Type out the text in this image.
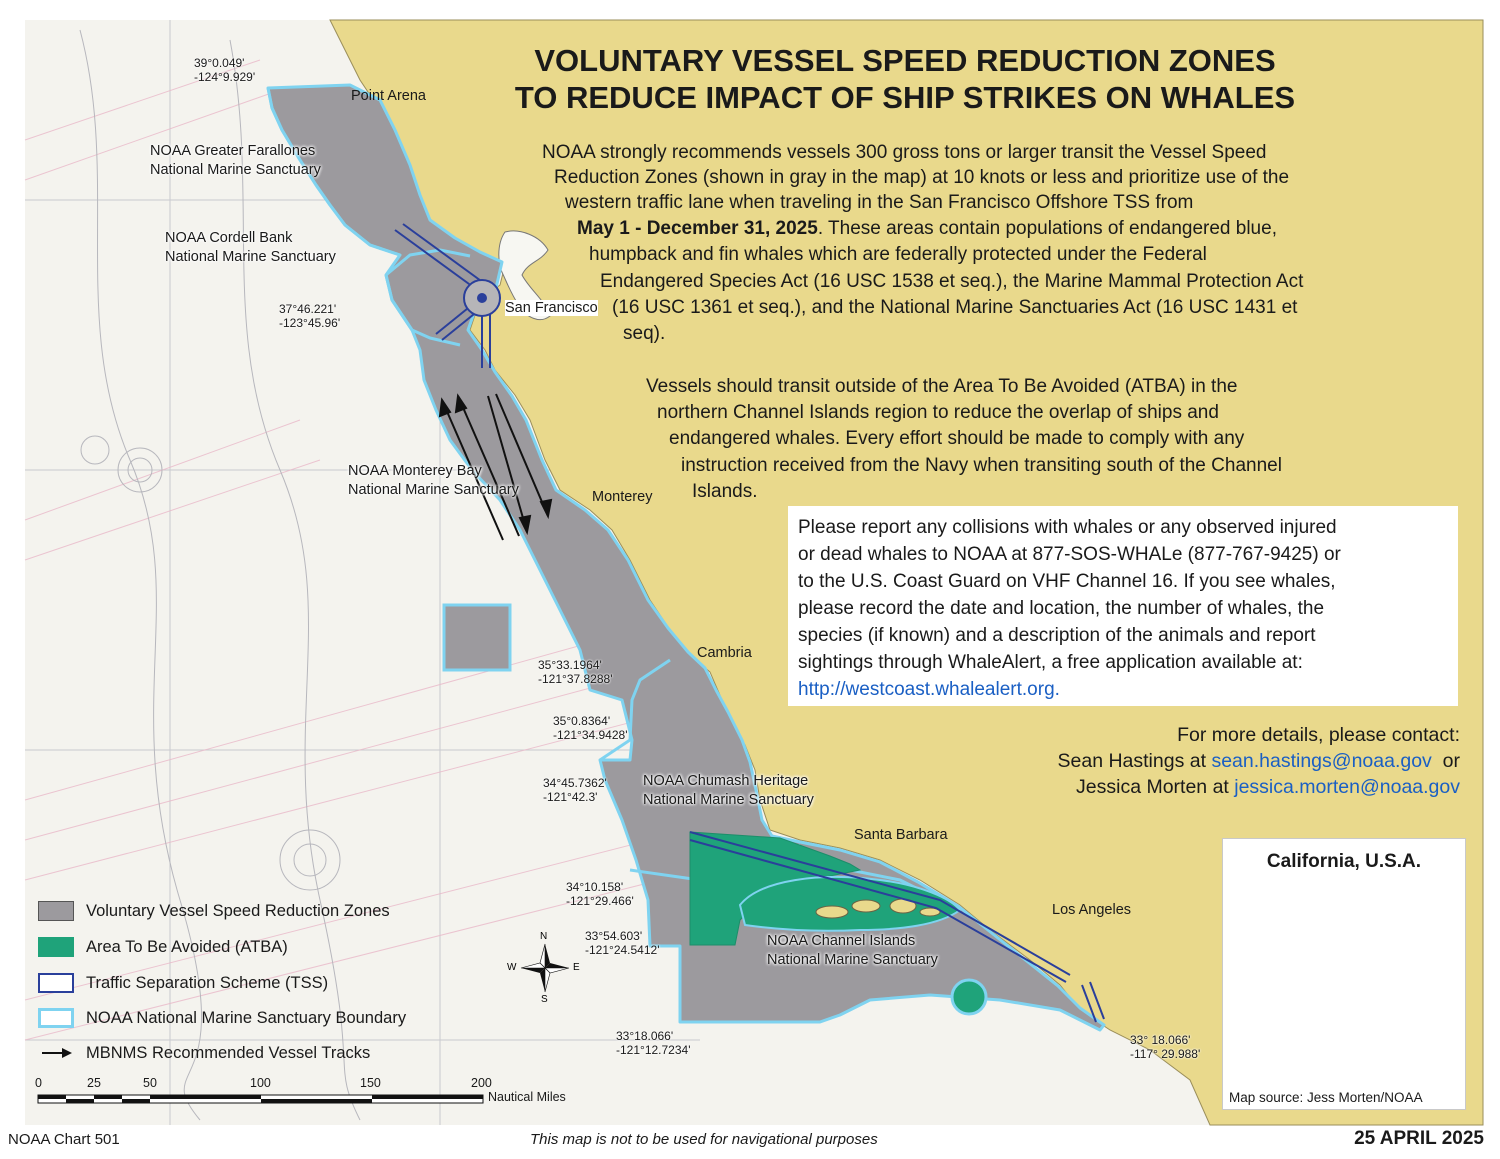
VOLUNTARY VESSEL SPEED REDUCTION ZONES
TO REDUCE IMPACT OF SHIP STRIKES ON WHALES
NOAA strongly recommends vessels 300 gross tons or larger transit the Vessel Speed
Reduction Zones (shown in gray in the map) at 10 knots or less and prioritize use of the
western traffic lane when traveling in the San Francisco Offshore TSS from
May 1 - December 31, 2025. These areas contain populations of endangered blue,
humpback and fin whales which are federally protected under the Federal
Endangered Species Act (16 USC 1538 et seq.), the Marine Mammal Protection Act
(16 USC 1361 et seq.), and the National Marine Sanctuaries Act (16 USC 1431 et
seq).
Vessels should transit outside of the Area To Be Avoided (ATBA) in the
northern Channel Islands region to reduce the overlap of ships and
endangered whales. Every effort should be made to comply with any
instruction received from the Navy when transiting south of the Channel
Islands.
Please report any collisions with whales or any observed injured
or dead whales to NOAA at 877-SOS-WHALe (877-767-9425) or
to the U.S. Coast Guard on VHF Channel 16. If you see whales,
please record the date and location, the number of whales, the
species (if known) and a description of the animals and report
sightings through WhaleAlert, a free application available at:
http://westcoast.whalealert.org.
For more details, please contact:
Sean Hastings at sean.hastings@noaa.gov or
Jessica Morten at jessica.morten@noaa.gov
Point Arena
San Francisco
Monterey
Cambria
Santa Barbara
Los Angeles
NOAA Greater Farallones
National Marine Sanctuary
NOAA Cordell Bank
National Marine Sanctuary
NOAA Monterey Bay
National Marine Sanctuary
NOAA Chumash Heritage
National Marine Sanctuary
NOAA Channel Islands
National Marine Sanctuary
39°0.049'
-124°9.929'
37°46.221'
-123°45.96'
35°33.1964'
-121°37.8288'
35°0.8364'
-121°34.9428'
34°45.7362'
-121°42.3'
34°10.158'
-121°29.466'
33°54.603'
-121°24.5412'
33°18.066'
-121°12.7234'
33° 18.066'
-117° 29.988'
N
S
E
W
Voluntary Vessel Speed Reduction Zones
Area To Be Avoided (ATBA)
Traffic Separation Scheme (TSS)
NOAA National Marine Sanctuary Boundary
MBNMS Recommended Vessel Tracks
0	25	50	100	150	200
Nautical Miles
California, U.S.A.
Map source: Jess Morten/NOAA
NOAA Chart 501	This map is not to be used for navigational purposes	25 APRIL 2025
